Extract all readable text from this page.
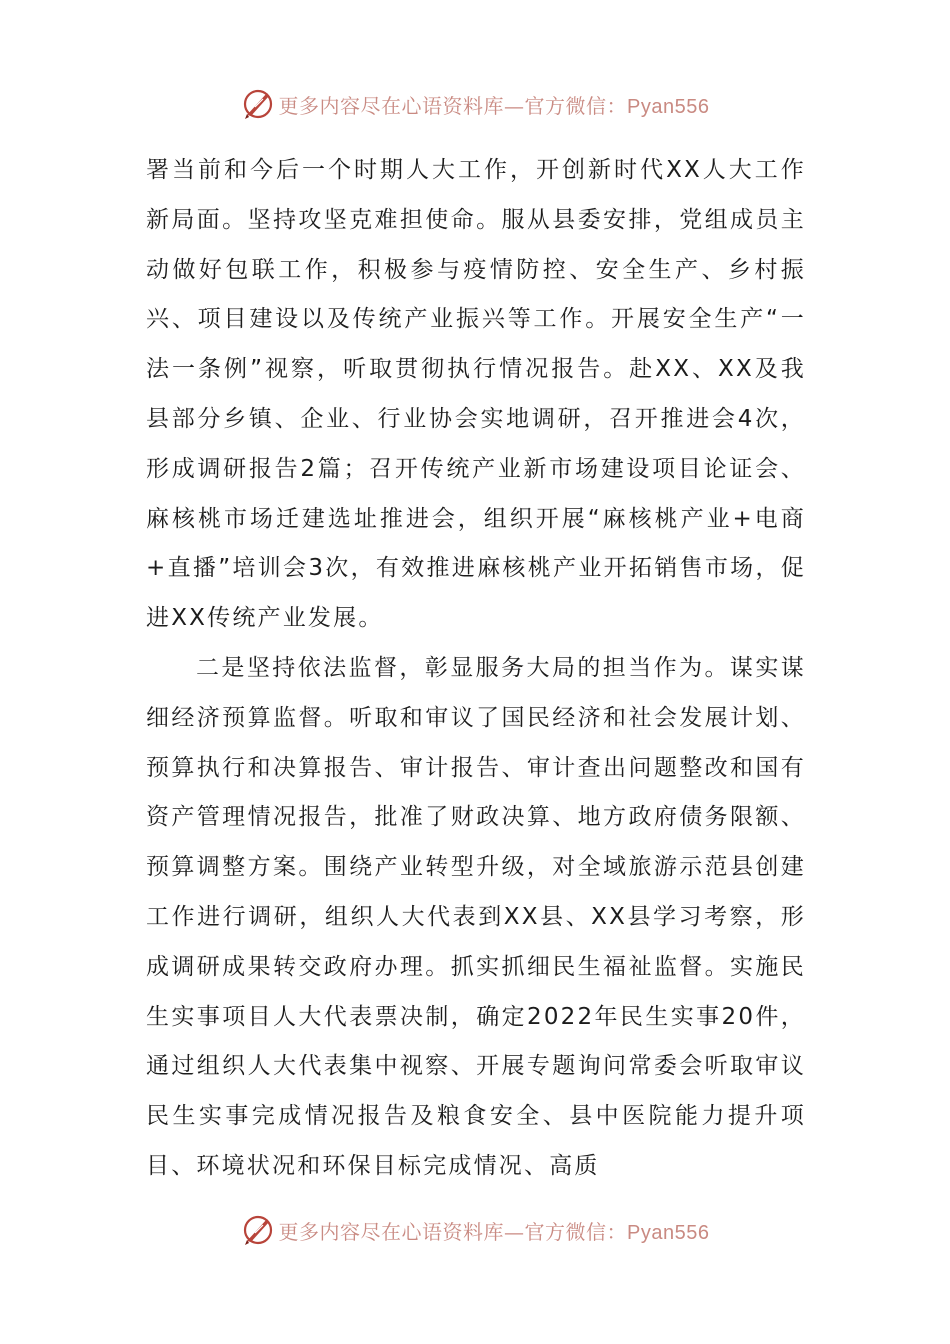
更多内容尽在心语资料库—官方微信：Pyan556

署当前和今后一个时期人大工作，开创新时代XX人大工作新局面。坚持攻坚克难担使命。服从县委安排，党组成员主动做好包联工作，积极参与疫情防控、安全生产、乡村振兴、项目建设以及传统产业振兴等工作。开展安全生产“一法一条例”视察，听取贯彻执行情况报告。赴XX、XX及我县部分乡镇、企业、行业协会实地调研，召开推进会4次，形成调研报告2篇；召开传统产业新市场建设项目论证会、麻核桃市场迁建选址推进会，组织开展“麻核桃产业+电商+直播”培训会3次，有效推进麻核桃产业开拓销售市场，促进XX传统产业发展。

二是坚持依法监督，彰显服务大局的担当作为。谋实谋细经济预算监督。听取和审议了国民经济和社会发展计划、预算执行和决算报告、审计报告、审计查出问题整改和国有资产管理情况报告，批准了财政决算、地方政府债务限额、预算调整方案。围绕产业转型升级，对全域旅游示范县创建工作进行调研，组织人大代表到XX县、XX县学习考察，形成调研成果转交政府办理。抓实抓细民生福祉监督。实施民生实事项目人大代表票决制，确定2022年民生实事20件，通过组织人大代表集中视察、开展专题询问常委会听取审议民生实事完成情况报告及粮食安全、县中医院能力提升项目、环境状况和环保目标完成情况、高质

更多内容尽在心语资料库—官方微信：Pyan556
